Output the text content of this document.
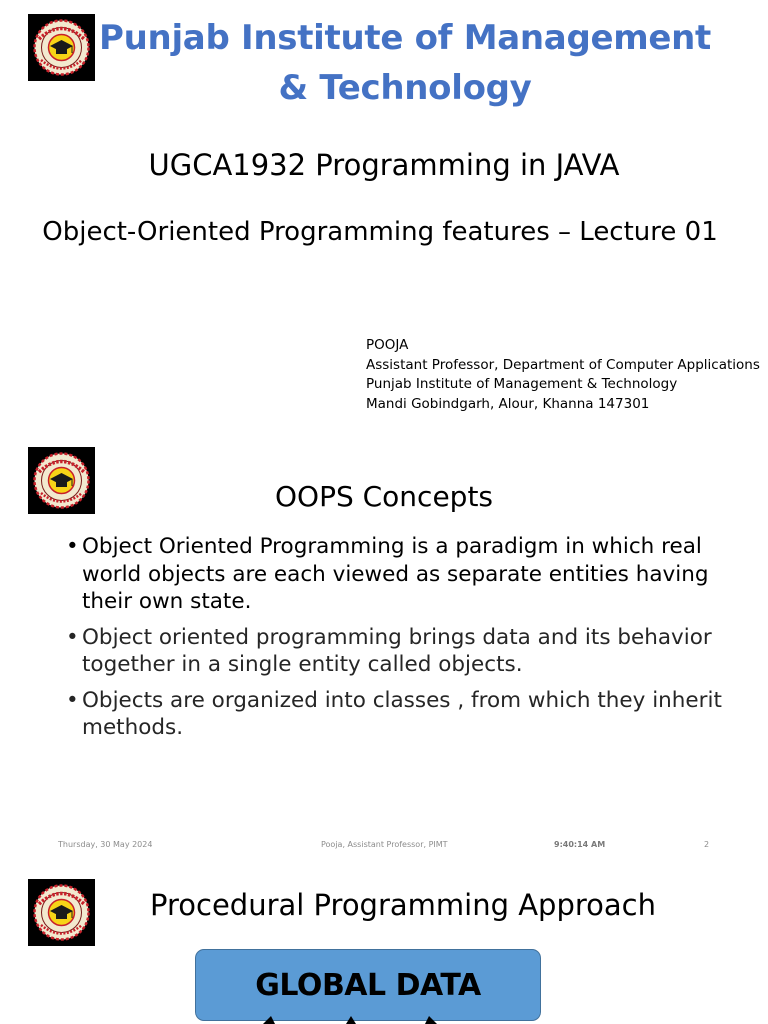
Punjab Institute of Management & Technology
UGCA1932 Programming in JAVA
Object-Oriented Programming features – Lecture 01
POOJA
Assistant Professor, Department of Computer Applications
Punjab Institute of Management & Technology
Mandi Gobindgarh, Alour, Khanna 147301
OOPS Concepts
• Object Oriented Programming is a paradigm in which real world objects are each viewed as separate entities having their own state.
• Object oriented programming brings data and its behavior together in a single entity called objects.
• Objects are organized into classes , from which they inherit methods.
Thursday, 30 May 2024	Pooja, Assistant Professor, PIMT	9:40:14 AM	2
Procedural Programming Approach
GLOBAL DATA
